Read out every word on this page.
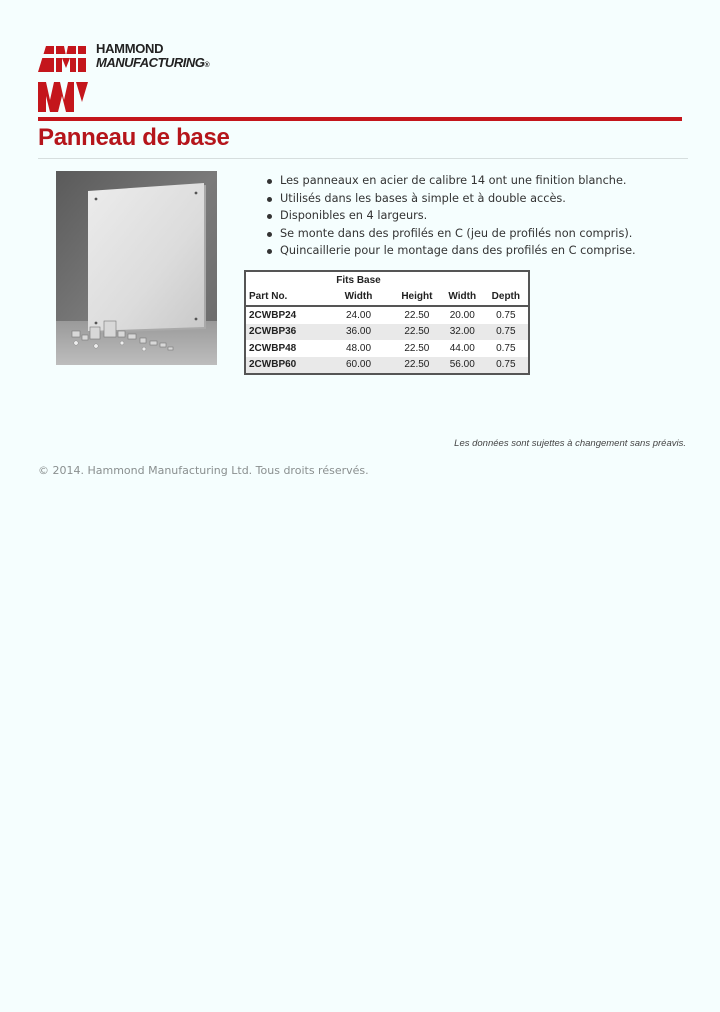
HAMMOND
MANUFACTURING®
Panneau de base
Les panneaux en acier de calibre 14 ont une finition blanche.
Utilisés dans les bases à simple et à double accès.
Disponibles en 4 largeurs.
Se monte dans des profilés en C (jeu de profilés non compris).
Quincaillerie pour le montage dans des profilés en C comprise.
	Fits Base			
Part No.	Width	Height	Width	Depth
2CWBP24	24.00	22.50	20.00	0.75
2CWBP36	36.00	22.50	32.00	0.75
2CWBP48	48.00	22.50	44.00	0.75
2CWBP60	60.00	22.50	56.00	0.75
Les données sont sujettes à changement sans préavis.
© 2014. Hammond Manufacturing Ltd. Tous droits réservés.
